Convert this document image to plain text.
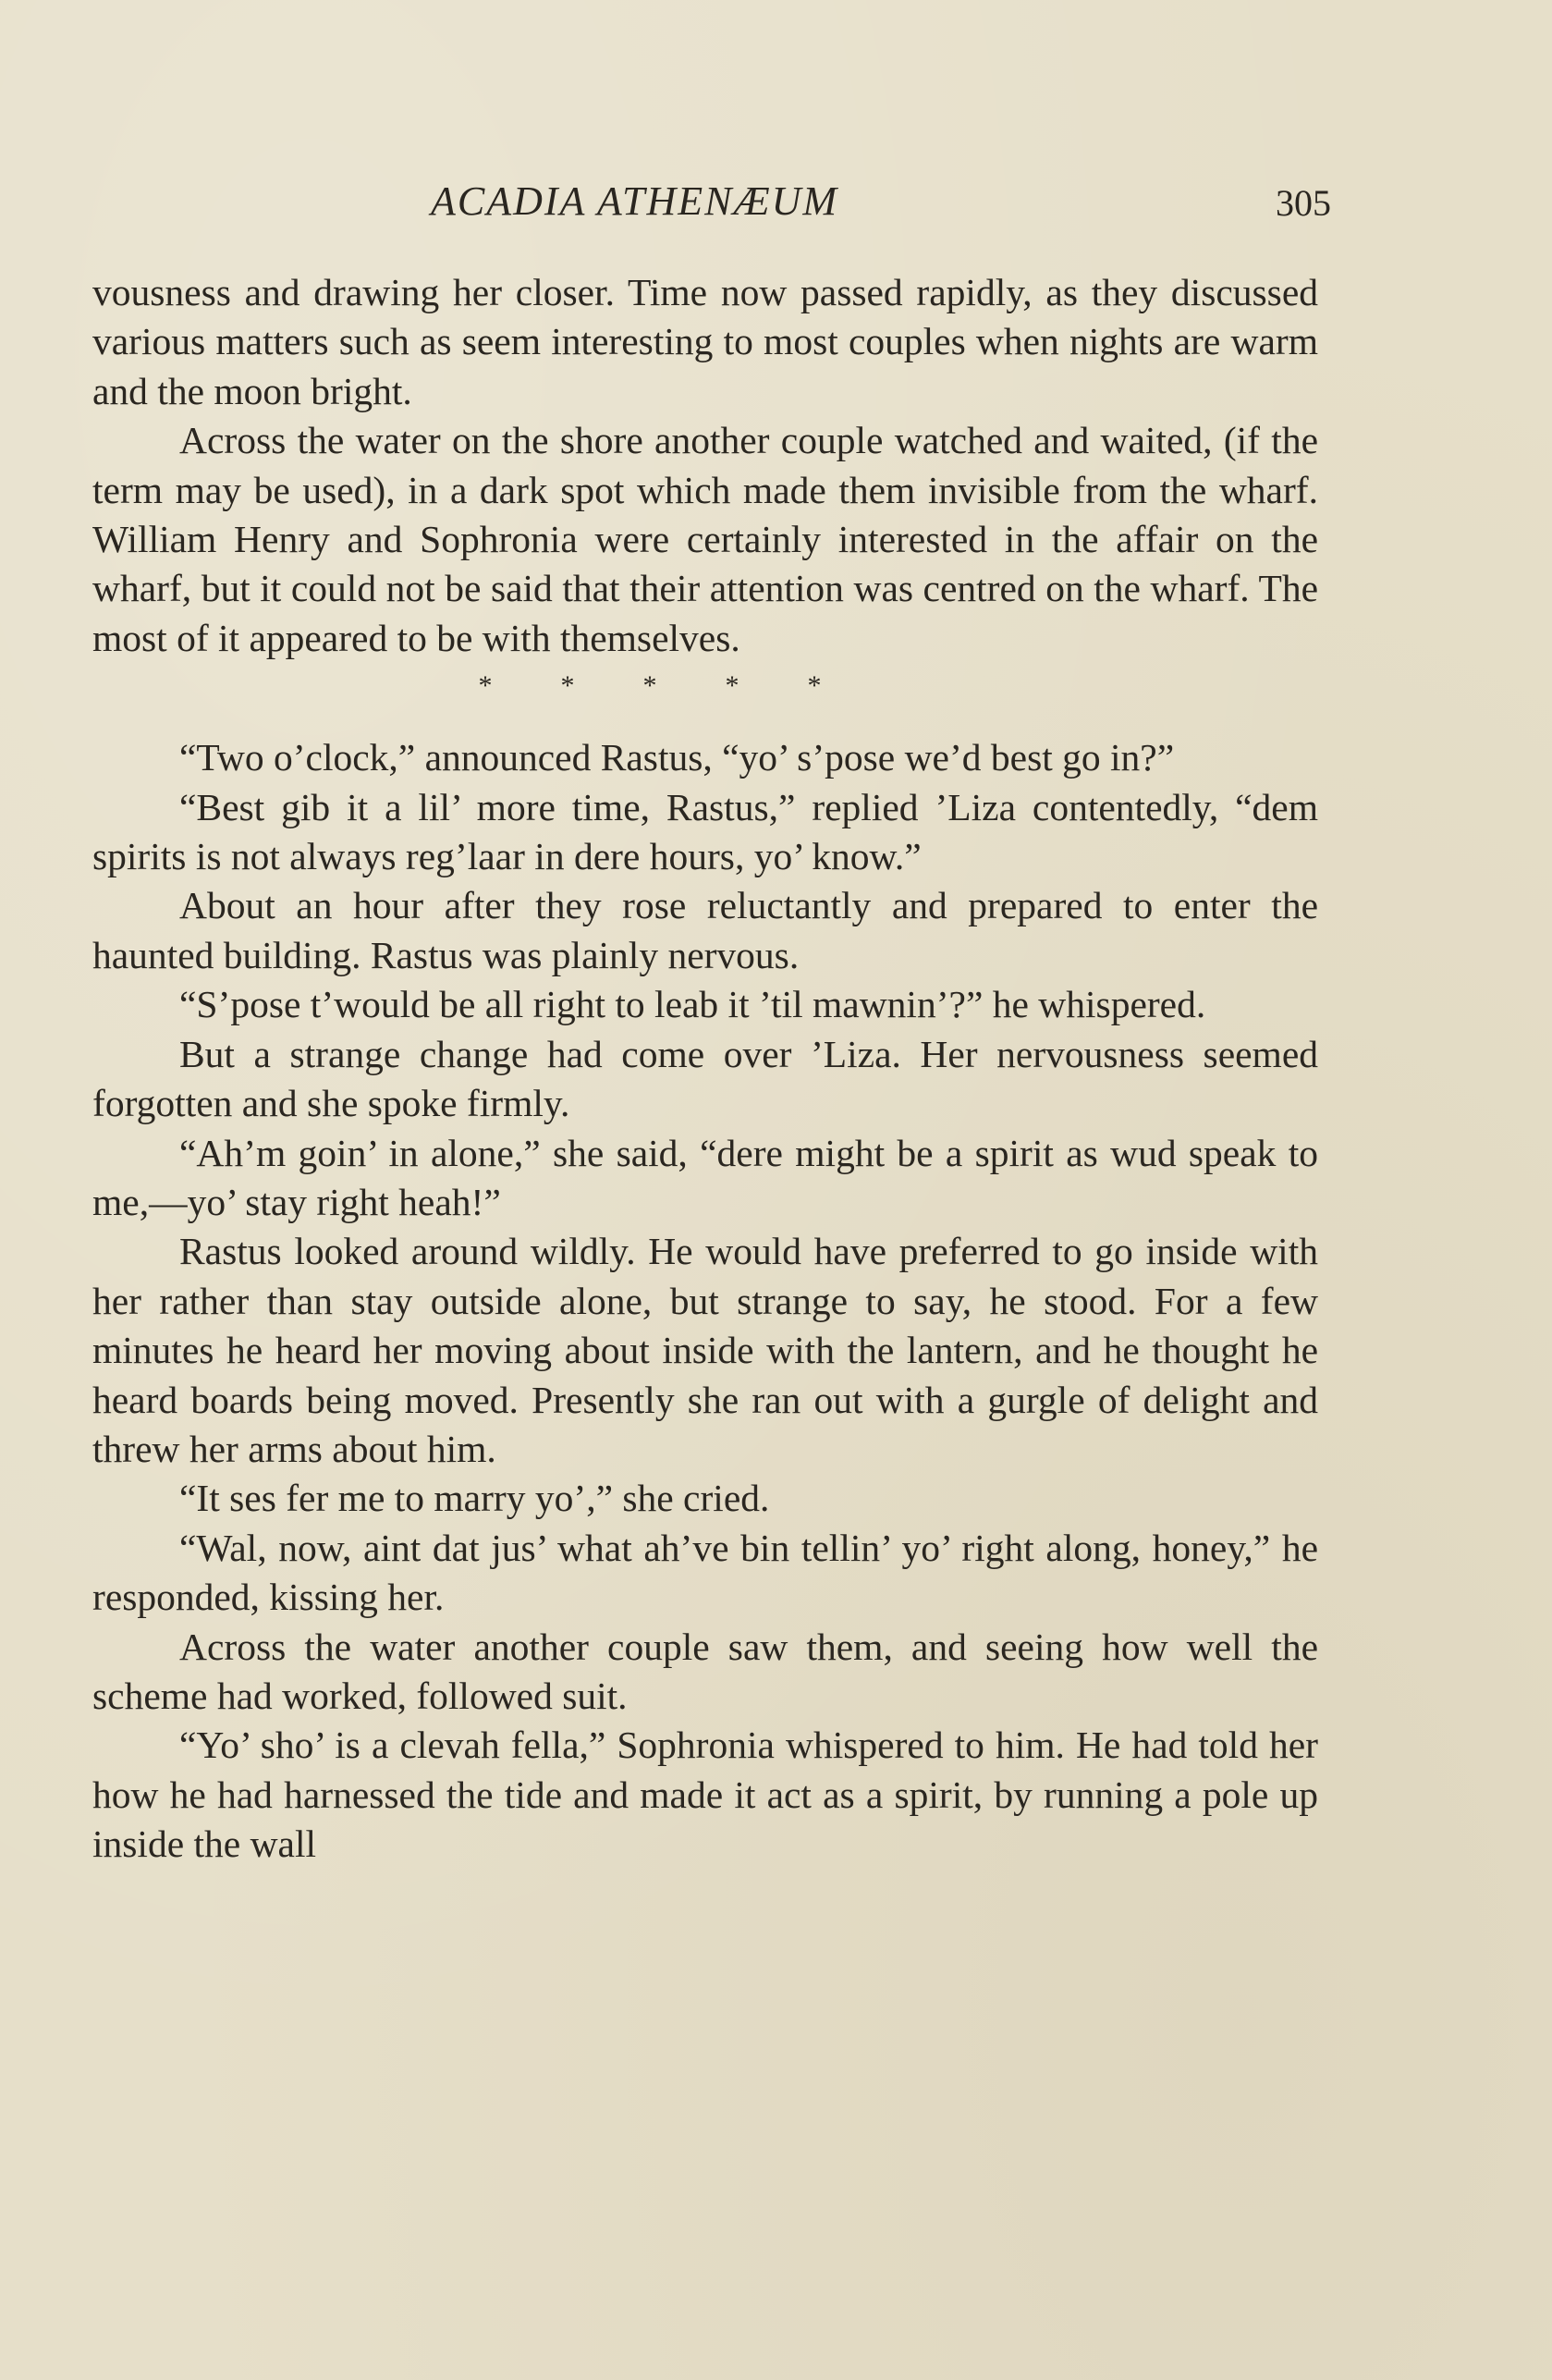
ACADIA ATHENÆUM	305

vousness and drawing her closer. Time now passed rapidly, as they discussed various matters such as seem interesting to most couples when nights are warm and the moon bright.

Across the water on the shore another couple watched and waited, (if the term may be used), in a dark spot which made them invisible from the wharf. William Henry and Sophronia were certainly interested in the affair on the wharf, but it could not be said that their attention was centred on the wharf. The most of it appeared to be with themselves.

* * * * *

“Two o’clock,” announced Rastus, “yo’ s’pose we’d best go in?”

“Best gib it a lil’ more time, Rastus,” replied ’Liza contentedly, “dem spirits is not always reg’laar in dere hours, yo’ know.”

About an hour after they rose reluctantly and prepared to enter the haunted building. Rastus was plainly nervous.

“S’pose t’would be all right to leab it ’til mawnin’?” he whispered.

But a strange change had come over ’Liza. Her nervousness seemed forgotten and she spoke firmly.

“Ah’m goin’ in alone,” she said, “dere might be a spirit as wud speak to me,—yo’ stay right heah!”

Rastus looked around wildly. He would have preferred to go inside with her rather than stay outside alone, but strange to say, he stood. For a few minutes he heard her moving about inside with the lantern, and he thought he heard boards being moved. Presently she ran out with a gurgle of delight and threw her arms about him.

“It ses fer me to marry yo’,” she cried.

“Wal, now, aint dat jus’ what ah’ve bin tellin’ yo’ right along, honey,” he responded, kissing her.

Across the water another couple saw them, and seeing how well the scheme had worked, followed suit.

“Yo’ sho’ is a clevah fella,” Sophronia whispered to him. He had told her how he had harnessed the tide and made it act as a spirit, by running a pole up inside the wall
